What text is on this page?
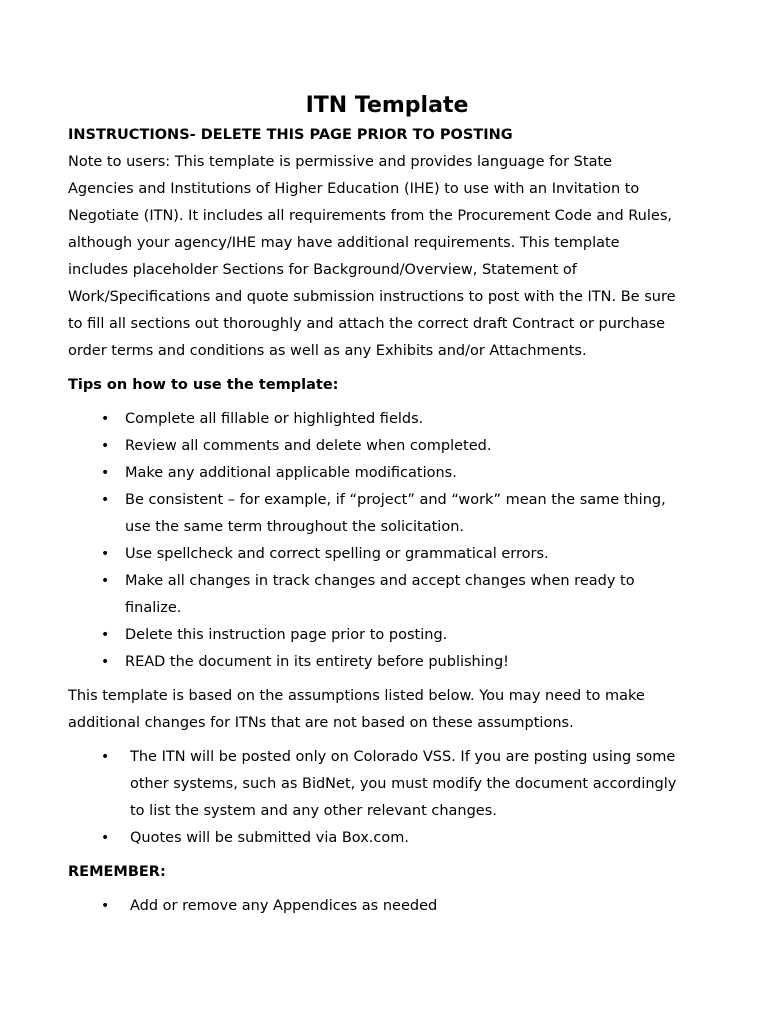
ITN Template
INSTRUCTIONS- DELETE THIS PAGE PRIOR TO POSTING
Note to users: This template is permissive and provides language for State
Agencies and Institutions of Higher Education (IHE) to use with an Invitation to
Negotiate (ITN). It includes all requirements from the Procurement Code and Rules,
although your agency/IHE may have additional requirements. This template
includes placeholder Sections for Background/Overview, Statement of
Work/Specifications and quote submission instructions to post with the ITN. Be sure
to fill all sections out thoroughly and attach the correct draft Contract or purchase
order terms and conditions as well as any Exhibits and/or Attachments.
Tips on how to use the template:
• Complete all fillable or highlighted fields.
• Review all comments and delete when completed.
• Make any additional applicable modifications.
• Be consistent – for example, if “project” and “work” mean the same thing,
use the same term throughout the solicitation.
• Use spellcheck and correct spelling or grammatical errors.
• Make all changes in track changes and accept changes when ready to
finalize.
• Delete this instruction page prior to posting.
• READ the document in its entirety before publishing!
This template is based on the assumptions listed below. You may need to make
additional changes for ITNs that are not based on these assumptions.
• The ITN will be posted only on Colorado VSS. If you are posting using some
other systems, such as BidNet, you must modify the document accordingly
to list the system and any other relevant changes.
• Quotes will be submitted via Box.com.
REMEMBER:
• Add or remove any Appendices as needed
